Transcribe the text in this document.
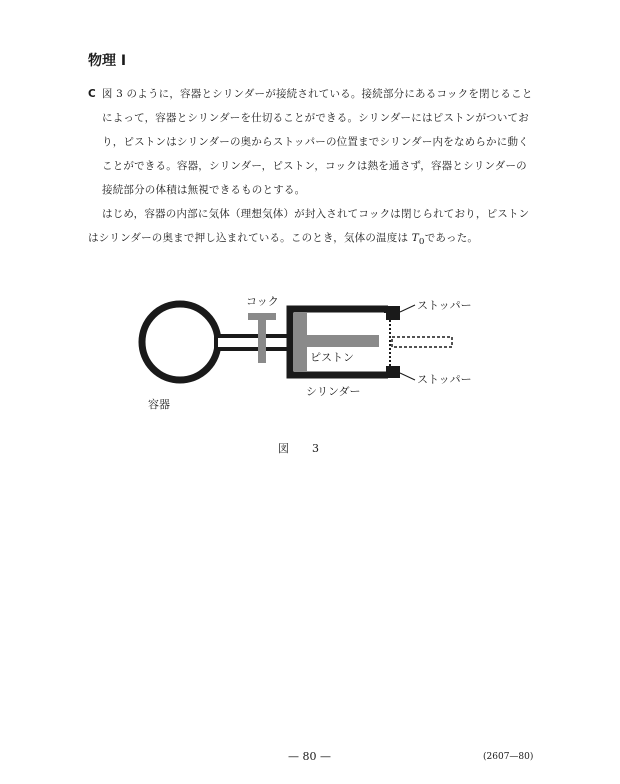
物理 I

C 図 3 のように，容器とシリンダーが接続されている。接続部分にあるコックを閉じることによって，容器とシリンダーを仕切ることができる。シリンダーにはピストンがついており，ピストンはシリンダーの奥からストッパーの位置までシリンダー内をなめらかに動くことができる。容器，シリンダー，ピストン，コックは熱を通さず，容器とシリンダーの接続部分の体積は無視できるものとする。

はじめ，容器の内部に気体（理想気体）が封入されてコックは閉じられており，ピストンはシリンダーの奥まで押し込まれている。このとき，気体の温度は $T_0$であった。

コック
ピストン
ストッパー
ストッパー
シリンダー
容器
図　3
— 80 —	(2607—80)
